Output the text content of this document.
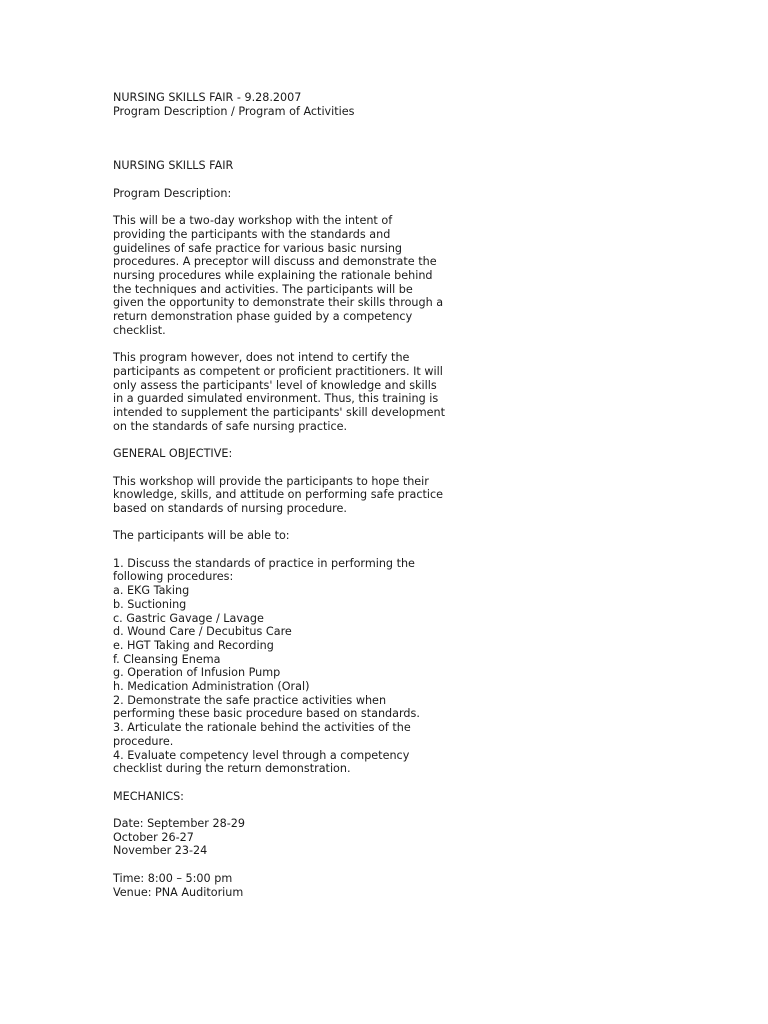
NURSING SKILLS FAIR - 9.28.2007
Program Description / Program of Activities
NURSING SKILLS FAIR
Program Description:
This will be a two-day workshop with the intent of
providing the participants with the standards and
guidelines of safe practice for various basic nursing
procedures. A preceptor will discuss and demonstrate the
nursing procedures while explaining the rationale behind
the techniques and activities. The participants will be
given the opportunity to demonstrate their skills through a
return demonstration phase guided by a competency
checklist.
This program however, does not intend to certify the
participants as competent or proficient practitioners. It will
only assess the participants' level of knowledge and skills
in a guarded simulated environment. Thus, this training is
intended to supplement the participants' skill development
on the standards of safe nursing practice.
GENERAL OBJECTIVE:
This workshop will provide the participants to hope their
knowledge, skills, and attitude on performing safe practice
based on standards of nursing procedure.
The participants will be able to:
1. Discuss the standards of practice in performing the
following procedures:
a. EKG Taking
b. Suctioning
c. Gastric Gavage / Lavage
d. Wound Care / Decubitus Care
e. HGT Taking and Recording
f. Cleansing Enema
g. Operation of Infusion Pump
h. Medication Administration (Oral)
2. Demonstrate the safe practice activities when
performing these basic procedure based on standards.
3. Articulate the rationale behind the activities of the
procedure.
4. Evaluate competency level through a competency
checklist during the return demonstration.
MECHANICS:
Date: September 28-29
October 26-27
November 23-24
Time: 8:00 – 5:00 pm
Venue: PNA Auditorium
